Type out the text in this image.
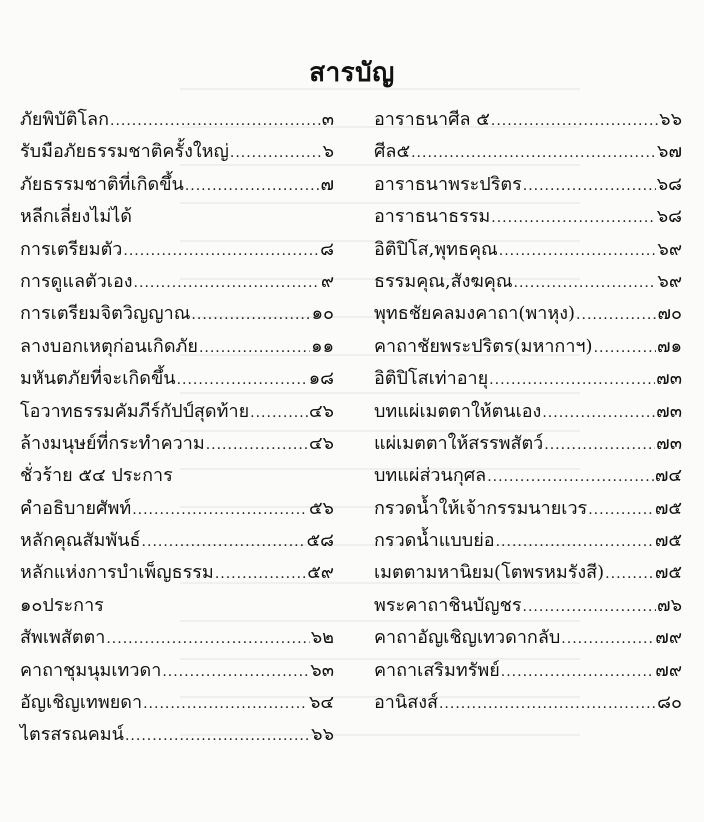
สารบัญ
ภัยพิบัติโลก .....	๓
รับมือภัยธรรมชาติครั้งใหญ่ .....	๖
ภัยธรรมชาติที่เกิดขึ้น .....	๗
หลีกเลี่ยงไม่ได้
การเตรียมตัว .....	๘
การดูแลตัวเอง .....	๙
การเตรียมจิตวิญญาณ .....	๑๐
ลางบอกเหตุก่อนเกิดภัย .....	๑๑
มหันตภัยที่จะเกิดขึ้น .....	๑๘
โอวาทธรรมคัมภีร์กัปป์สุดท้าย .....	๔๖
ล้างมนุษย์ที่กระทำความ .....	๔๖
ชั่วร้าย ๕๔ ประการ
คำอธิบายศัพท์ .....	๕๖
หลักคุณสัมพันธ์ .....	๕๘
หลักแห่งการบำเพ็ญธรรม .....	๕๙
๑๐ประการ
สัพเพสัตตา .....	๖๒
คาถาชุมนุมเทวดา .....	๖๓
อัญเชิญเทพยดา .....	๖๔
ไตรสรณคมน์ .....	๖๖
อาราธนาศีล ๕ .....	๖๖
ศีล๕ .....	๖๗
อาราธนาพระปริตร .....	๖๘
อาราธนาธรรม .....	๖๘
อิติปิโส,พุทธคุณ .....	๖๙
ธรรมคุณ,สังฆคุณ .....	๖๙
พุทธชัยคลมงคาถา(พาหุง) .....	๗๐
คาถาชัยพระปริตร(มหากาฯ) .....	๗๑
อิติปิโสเท่าอายุ .....	๗๓
บทแผ่เมตตาให้ตนเอง .....	๗๓
แผ่เมตตาให้สรรพสัตว์ .....	๗๓
บทแผ่ส่วนกุศล .....	๗๔
กรวดน้ำให้เจ้ากรรมนายเวร .....	๗๕
กรวดน้ำแบบย่อ .....	๗๕
เมตตามหานิยม(โตพรหมรังสี) .....	๗๕
พระคาถาชินบัญชร .....	๗๖
คาถาอัญเชิญเทวดากลับ .....	๗๙
คาถาเสริมทรัพย์ .....	๗๙
อานิสงส์ .....	๘๐
